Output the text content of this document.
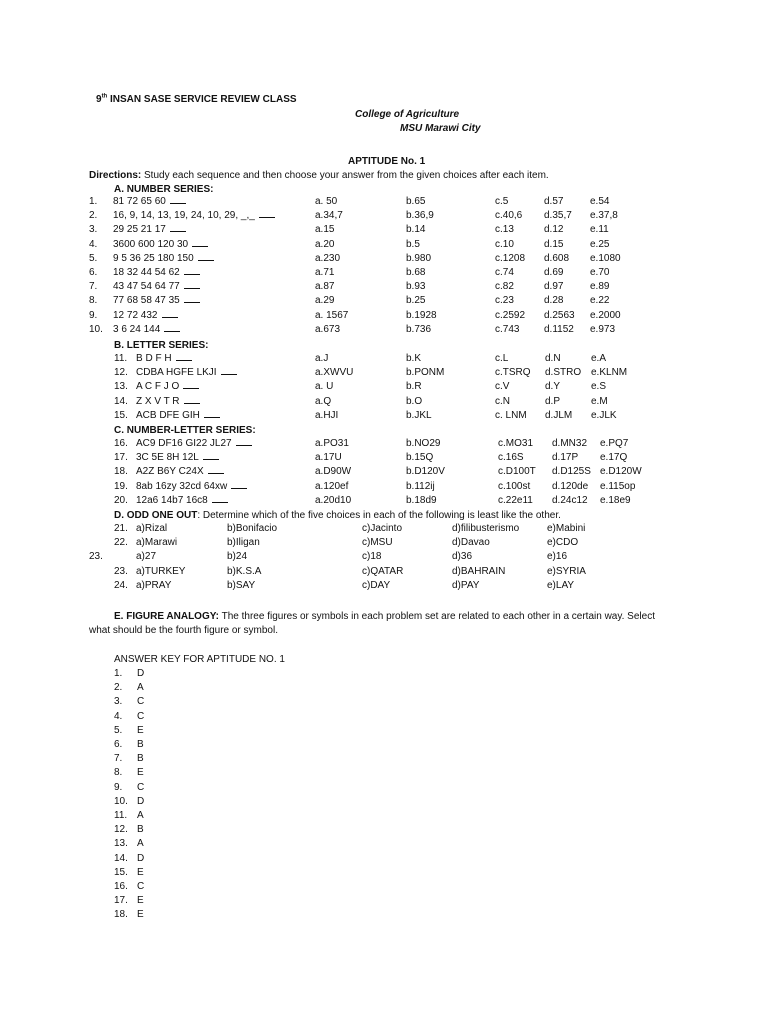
9th INSAN SASE SERVICE REVIEW CLASS
College of Agriculture
MSU Marawi City
APTITUDE No. 1
Directions: Study each sequence and then choose your answer from the given choices after each item.
A. NUMBER SERIES:
1. 81 72 65 60	a. 50	b.65	c.5	d.57	e.54
2. 16, 9, 14, 13, 19, 24, 10, 29, _,_	a.34,7	b.36,9	c.40,6 d.35,7 e.37,8
3. 29 25 21 17	a.15	b.14	c.13	d.12	e.11
4. 3600 600 120 30	a.20	b.5	c.10	d.15	e.25
5. 9 5 36 25 180 150	a.230	b.980	c.1208 d.608 e.1080
6. 18 32 44 54 62	a.71	b.68	c.74	d.69	e.70
7. 43 47 54 64 77	a.87	b.93	c.82	d.97	e.89
8. 77 68 58 47 35	a.29	b.25	c.23	d.28	e.22
9. 12 72 432	a. 1567	b.1928	c.2592 d.2563 e.2000
10. 3 6 24 144	a.673	b.736	c.743 d.1152 e.973
B. LETTER SERIES:
11. B D F H	a.J	b.K	c.L	d.N	e.A
12. CDBA HGFE LKJI	a.XWVU	b.PONM	c.TSRQ d.STRO e.KLNM
13. A C F J O	a. U	b.R	c.V	d.Y	e.S
14. Z X V T R	a.Q	b.O	c.N	d.P	e.M
15. ACB DFE GIH	a.HJI	b.JKL	c. LNM d.JLM e.JLK
C. NUMBER-LETTER SERIES:
16. AC9 DF16 GI22 JL27	a.PO31	b.NO29	c.MO31 d.MN32 e.PQ7
17. 3C 5E 8H 12L	a.17U	b.15Q	c.16S	d.17P e.17Q
18. A2Z B6Y C24X	a.D90W	b.D120V	c.D100T d.D125S e.D120W
19. 8ab 16zy 32cd 64xw	a.120ef	b.112ij	c.100st d.120de e.115op
20. 12a6 14b7 16c8	a.20d10	b.18d9	c.22e11 d.24c12 e.18e9
D. ODD ONE OUT: Determine which of the five choices in each of the following is least like the other.
21. a)Rizal	b)Bonifacio	c)Jacinto	d)filibusterismo	e)Mabini
22. a)Marawi	b)Iligan	c)MSU	d)Davao	e)CDO
23.	a)27	b)24	c)18	d)36	e)16
23. a)TURKEY	b)K.S.A	c)QATAR	d)BAHRAIN	e)SYRIA
24. a)PRAY	b)SAY	c)DAY	d)PAY	e)LAY
E. FIGURE ANALOGY: The three figures or symbols in each problem set are related to each other in a certain way. Select
what should be the fourth figure or symbol.
ANSWER KEY FOR APTITUDE NO. 1
1. D
2. A
3. C
4. C
5. E
6. B
7. B
8. E
9. C
10. D
11. A
12. B
13. A
14. D
15. E
16. C
17. E
18. E
